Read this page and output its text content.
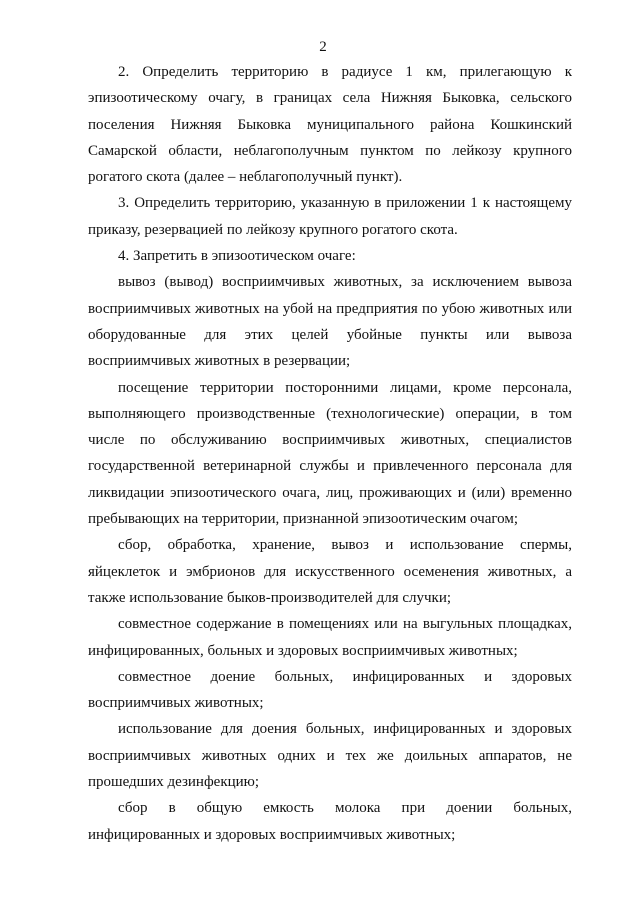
2
2. Определить территорию в радиусе 1 км, прилегающую к
эпизоотическому очагу, в границах села Нижняя Быковка, сельского
поселения Нижняя Быковка муниципального района Кошкинский
Самарской области, неблагополучным пунктом по лейкозу крупного
рогатого скота (далее – неблагополучный пункт).
3. Определить территорию, указанную в приложении 1 к настоящему
приказу, резервацией по лейкозу крупного рогатого скота.
4. Запретить в эпизоотическом очаге:
вывоз (вывод) восприимчивых животных, за исключением вывоза
восприимчивых животных на убой на предприятия по убою животных или
оборудованные для этих целей убойные пункты или вывоза
восприимчивых животных в резервации;
посещение территории посторонними лицами, кроме персонала,
выполняющего производственные (технологические) операции, в том
числе по обслуживанию восприимчивых животных, специалистов
государственной ветеринарной службы и привлеченного персонала для
ликвидации эпизоотического очага, лиц, проживающих и (или) временно
пребывающих на территории, признанной эпизоотическим очагом;
сбор, обработка, хранение, вывоз и использование спермы,
яйцеклеток и эмбрионов для искусственного осеменения животных, а
также использование быков-производителей для случки;
совместное содержание в помещениях или на выгульных площадках,
инфицированных, больных и здоровых восприимчивых животных;
совместное доение больных, инфицированных и здоровых
восприимчивых животных;
использование для доения больных, инфицированных и здоровых
восприимчивых животных одних и тех же доильных аппаратов, не
прошедших дезинфекцию;
сбор в общую емкость молока при доении больных,
инфицированных и здоровых восприимчивых животных;
